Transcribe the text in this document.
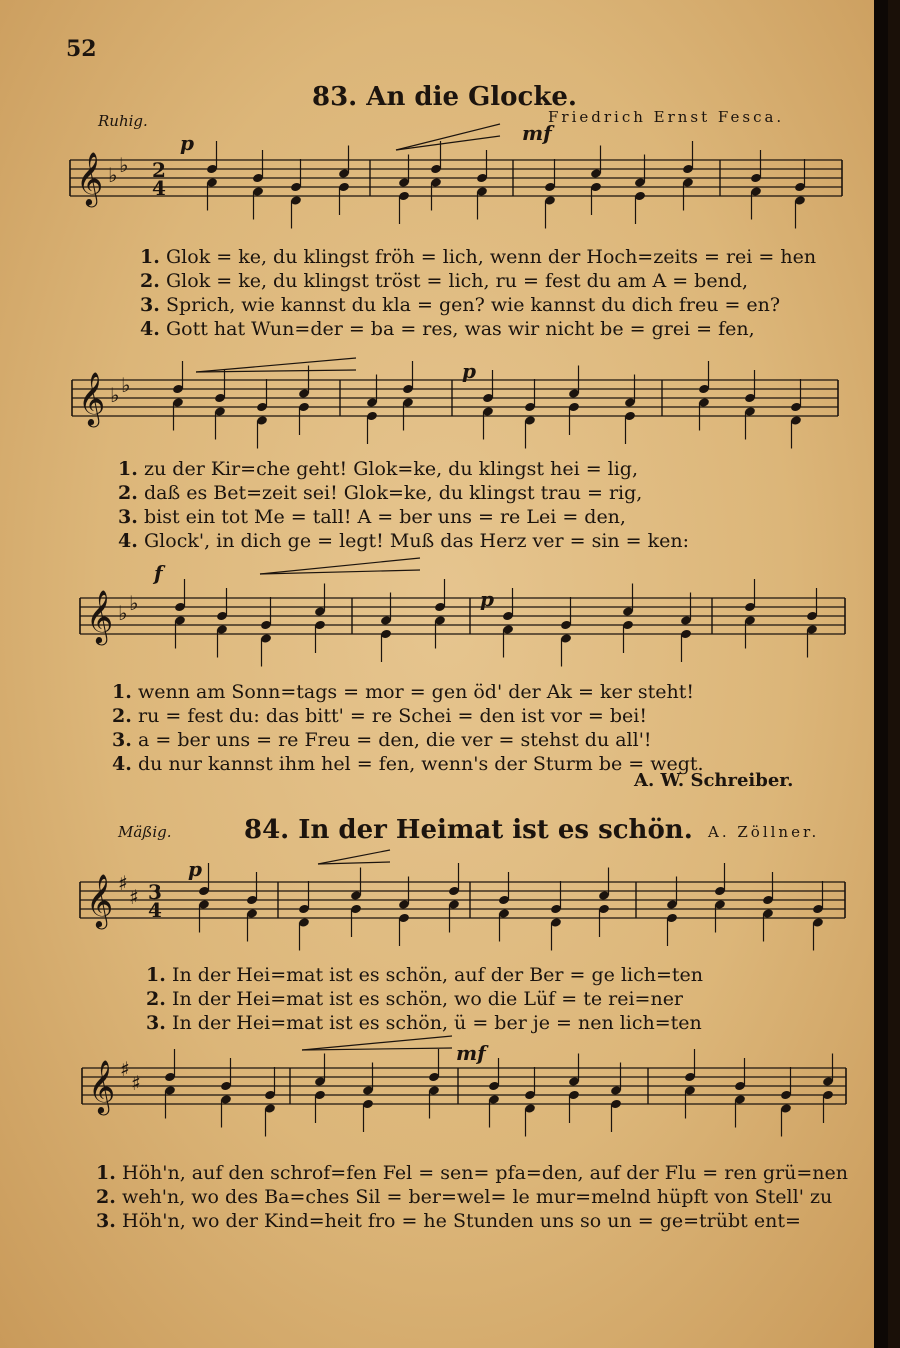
52
83. An die Glocke.
Ruhig.	Friedrich Ernst Fesca.
Mäßig.	84. In der Heimat ist es schön. A. Zöllner.
𝄞 ♭ ♭
𝄞 ♭ ♭
𝄞 ♭ ♭
𝄞 ♯
♯
𝄞 ♯
♯
2
4
3
4
p	mf
p
f
p
p
mf
1. Glok = ke, du klingst fröh = lich, wenn der Hoch=zeits = rei = hen
2. Glok = ke, du klingst tröst = lich, ru = fest du am A = bend,
3. Sprich, wie kannst du kla = gen? wie kannst du dich freu = en?
4. Gott hat Wun=der = ba = res, was wir nicht be = grei = fen,
1. zu der Kir=che geht! Glok=ke, du klingst hei = lig,
2. daß es Bet=zeit sei! Glok=ke, du klingst trau = rig,
3. bist ein tot Me = tall! A = ber uns = re Lei = den,
4. Glock', in dich ge = legt! Muß das Herz ver = sin = ken:
1. wenn am Sonn=tags = mor = gen öd' der Ak = ker steht!
2. ru = fest du: das bitt' = re Schei = den ist vor = bei!
3. a = ber uns = re Freu = den, die ver = stehst du all'!
4. du nur kannst ihm hel = fen, wenn's der Sturm be = wegt.
A. W. Schreiber.
1. In der Hei=mat ist es schön, auf der Ber = ge lich=ten
2. In der Hei=mat ist es schön, wo die Lüf = te rei=ner
3. In der Hei=mat ist es schön, ü = ber je = nen lich=ten
1. Höh'n, auf den schrof=fen Fel = sen= pfa=den, auf der Flu = ren grü=nen
2. weh'n, wo des Ba=ches Sil = ber=wel= le mur=melnd hüpft von Stell' zu
3. Höh'n, wo der Kind=heit fro = he Stunden uns so un = ge=trübt ent=
